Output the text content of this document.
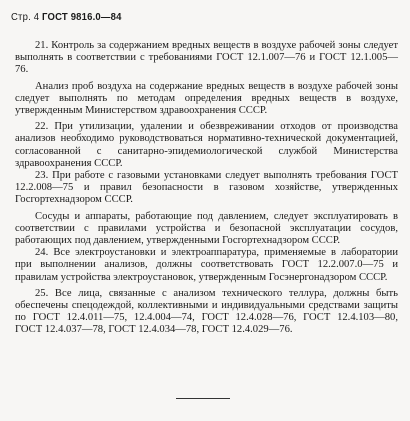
Стр. 4 ГОСТ 9816.0—84

21. Контроль за содержанием вредных веществ в воздухе рабочей зоны следует выполнять в соответствии с требованиями ГОСТ 12.1.007—76 и ГОСТ 12.1.005—76.

Анализ проб воздуха на содержание вредных веществ в воздухе рабочей зоны следует выполнять по методам определения вредных веществ в воздухе, утвержденным Министерством здравоохранения СССР.

22. При утилизации, удалении и обезвреживании отходов от производства анализов необходимо руководствоваться нормативно-технической документацией, согласованной с санитарно-эпидемиологической службой Министерства здравоохранения СССР.

23. При работе с газовыми установками следует выполнять требования ГОСТ 12.2.008—75 и правил безопасности в газовом хозяйстве, утвержденных Госгортехнадзором СССР.

Сосуды и аппараты, работающие под давлением, следует эксплуатировать в соответствии с правилами устройства и безопасной эксплуатации сосудов, работающих под давлением, утвержденными Госгортехнадзором СССР.

24. Все электроустановки и электроаппаратура, применяемые в лаборатории при выполнении анализов, должны соответствовать ГОСТ 12.2.007.0—75 и правилам устройства электроустановок, утвержденным Госэнергонадзором СССР.

25. Все лица, связанные с анализом технического теллура, должны быть обеспечены спецодеждой, коллективными и индивидуальными средствами защиты по ГОСТ 12.4.011—75, 12.4.004—74, ГОСТ 12.4.028—76, ГОСТ 12.4.103—80, ГОСТ 12.4.037—78, ГОСТ 12.4.034—78, ГОСТ 12.4.029—76.
